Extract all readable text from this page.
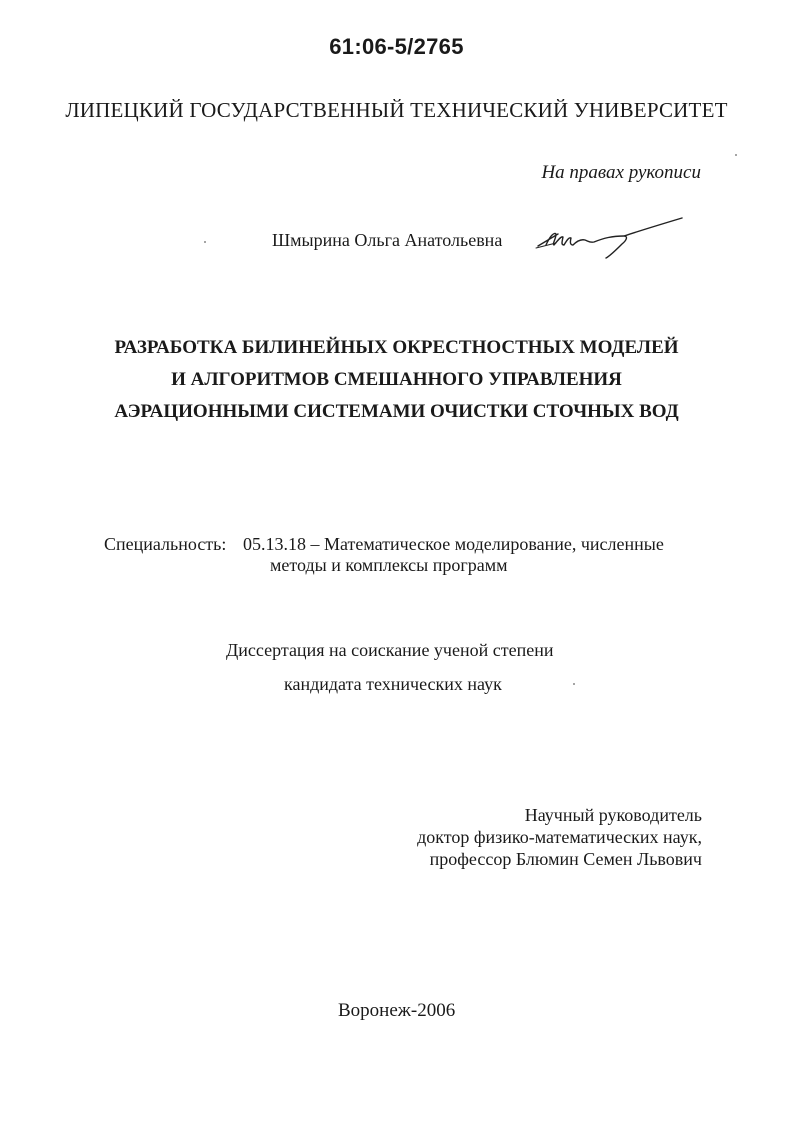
61:06-5/2765
ЛИПЕЦКИЙ ГОСУДАРСТВЕННЫЙ ТЕХНИЧЕСКИЙ УНИВЕРСИТЕТ
На правах рукописи
Шмырина Ольга Анатольевна
РАЗРАБОТКА БИЛИНЕЙНЫХ ОКРЕСТНОСТНЫХ МОДЕЛЕЙ
И АЛГОРИТМОВ СМЕШАННОГО УПРАВЛЕНИЯ
АЭРАЦИОННЫМИ СИСТЕМАМИ ОЧИСТКИ СТОЧНЫХ ВОД
Специальность: 05.13.18 – Математическое моделирование, численные
методы и комплексы программ
Диссертация на соискание ученой степени
кандидата технических наук
Научный руководитель
доктор физико-математических наук,
профессор Блюмин Семен Львович
Воронеж-2006
